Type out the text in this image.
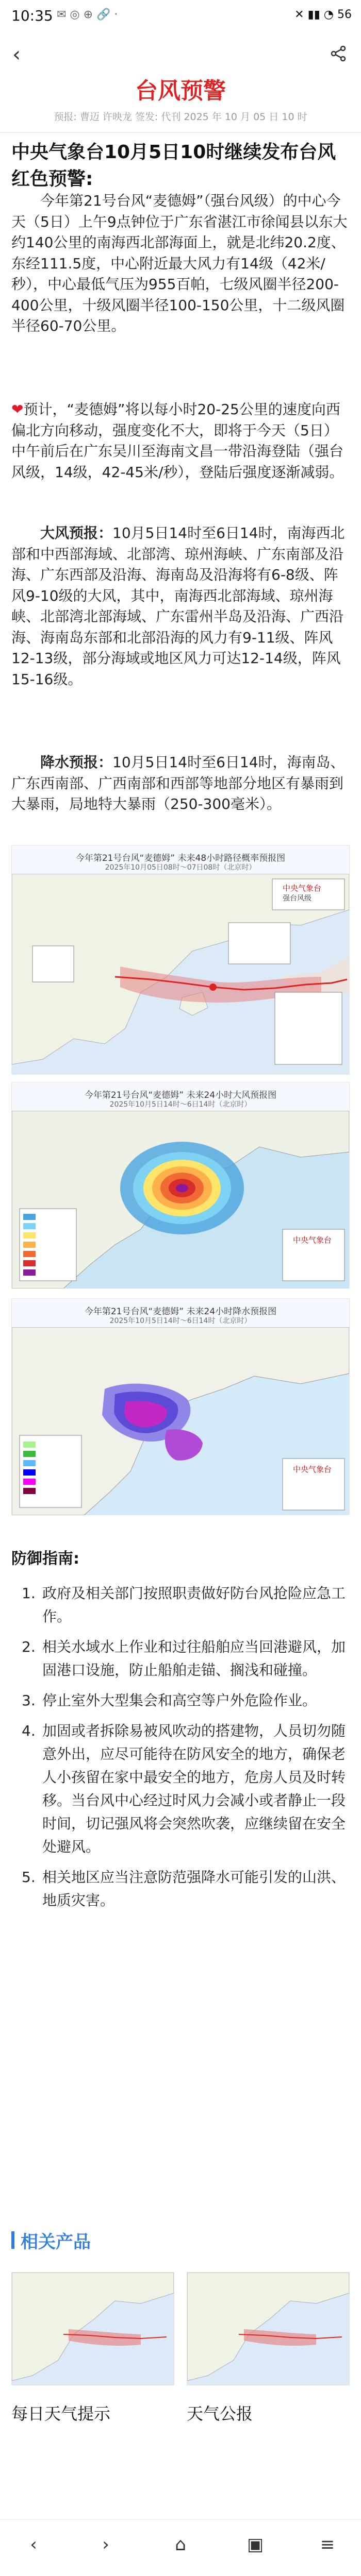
10:35 ✉ ◎ ⊕ 🔗 ·	✕ ▮▮ ◔ 56
‹
台风预警
预报: 曹迈 许映龙 签发: 代刊 2025 年 10 月 05 日 10 时
中央气象台10月5日10时继续发布台风红色预警:
今年第21号台风“麦德姆”（强台风级）的中心今天（5日）上午9点钟位于广东省湛江市徐闻县以东大约140公里的南海西北部海面上，就是北纬20.2度、东经111.5度，中心附近最大风力有14级（42米/秒），中心最低气压为955百帕，七级风圈半径200-400公里，十级风圈半径100-150公里，十二级风圈半径60-70公里。
❤预计，“麦德姆”将以每小时20-25公里的速度向西偏北方向移动，强度变化不大，即将于今天（5日）中午前后在广东吴川至海南文昌一带沿海登陆（强台风级，14级，42-45米/秒），登陆后强度逐渐减弱。
大风预报：10月5日14时至6日14时，南海西北部和中西部海域、北部湾、琼州海峡、广东南部及沿海、广东西部及沿海、海南岛及沿海将有6-8级、阵风9-10级的大风，其中，南海西北部海域、琼州海峡、北部湾北部海域、广东雷州半岛及沿海、广西沿海、海南岛东部和北部沿海的风力有9-11级、阵风12-13级，部分海域或地区风力可达12-14级，阵风15-16级。
降水预报：10月5日14时至6日14时，海南岛、广东西南部、广西南部和西部等地部分地区有暴雨到大暴雨，局地特大暴雨（250-300毫米）。
今年第21号台风“麦德姆” 未来48小时路径概率预报图
2025年10月05日08时～07日08时（北京时）
中央气象台
强台风级
今年第21号台风“麦德姆” 未来24小时大风预报图
2025年10月5日14时～6日14时（北京时）
中央气象台
今年第21号台风“麦德姆” 未来24小时降水预报图
2025年10月5日14时～6日14时（北京时）
中央气象台
防御指南:
1. 政府及相关部门按照职责做好防台风抢险应急工作。
2. 相关水域水上作业和过往船舶应当回港避风，加固港口设施，防止船舶走锚、搁浅和碰撞。
3. 停止室外大型集会和高空等户外危险作业。
4. 加固或者拆除易被风吹动的搭建物，人员切勿随意外出，应尽可能待在防风安全的地方，确保老人小孩留在家中最安全的地方，危房人员及时转移。当台风中心经过时风力会减小或者静止一段时间，切记强风将会突然吹袭，应继续留在安全处避风。
5. 相关地区应当注意防范强降水可能引发的山洪、地质灾害。
相关产品
每日天气提示	天气公报
‹	›	⌂	▣	≡
